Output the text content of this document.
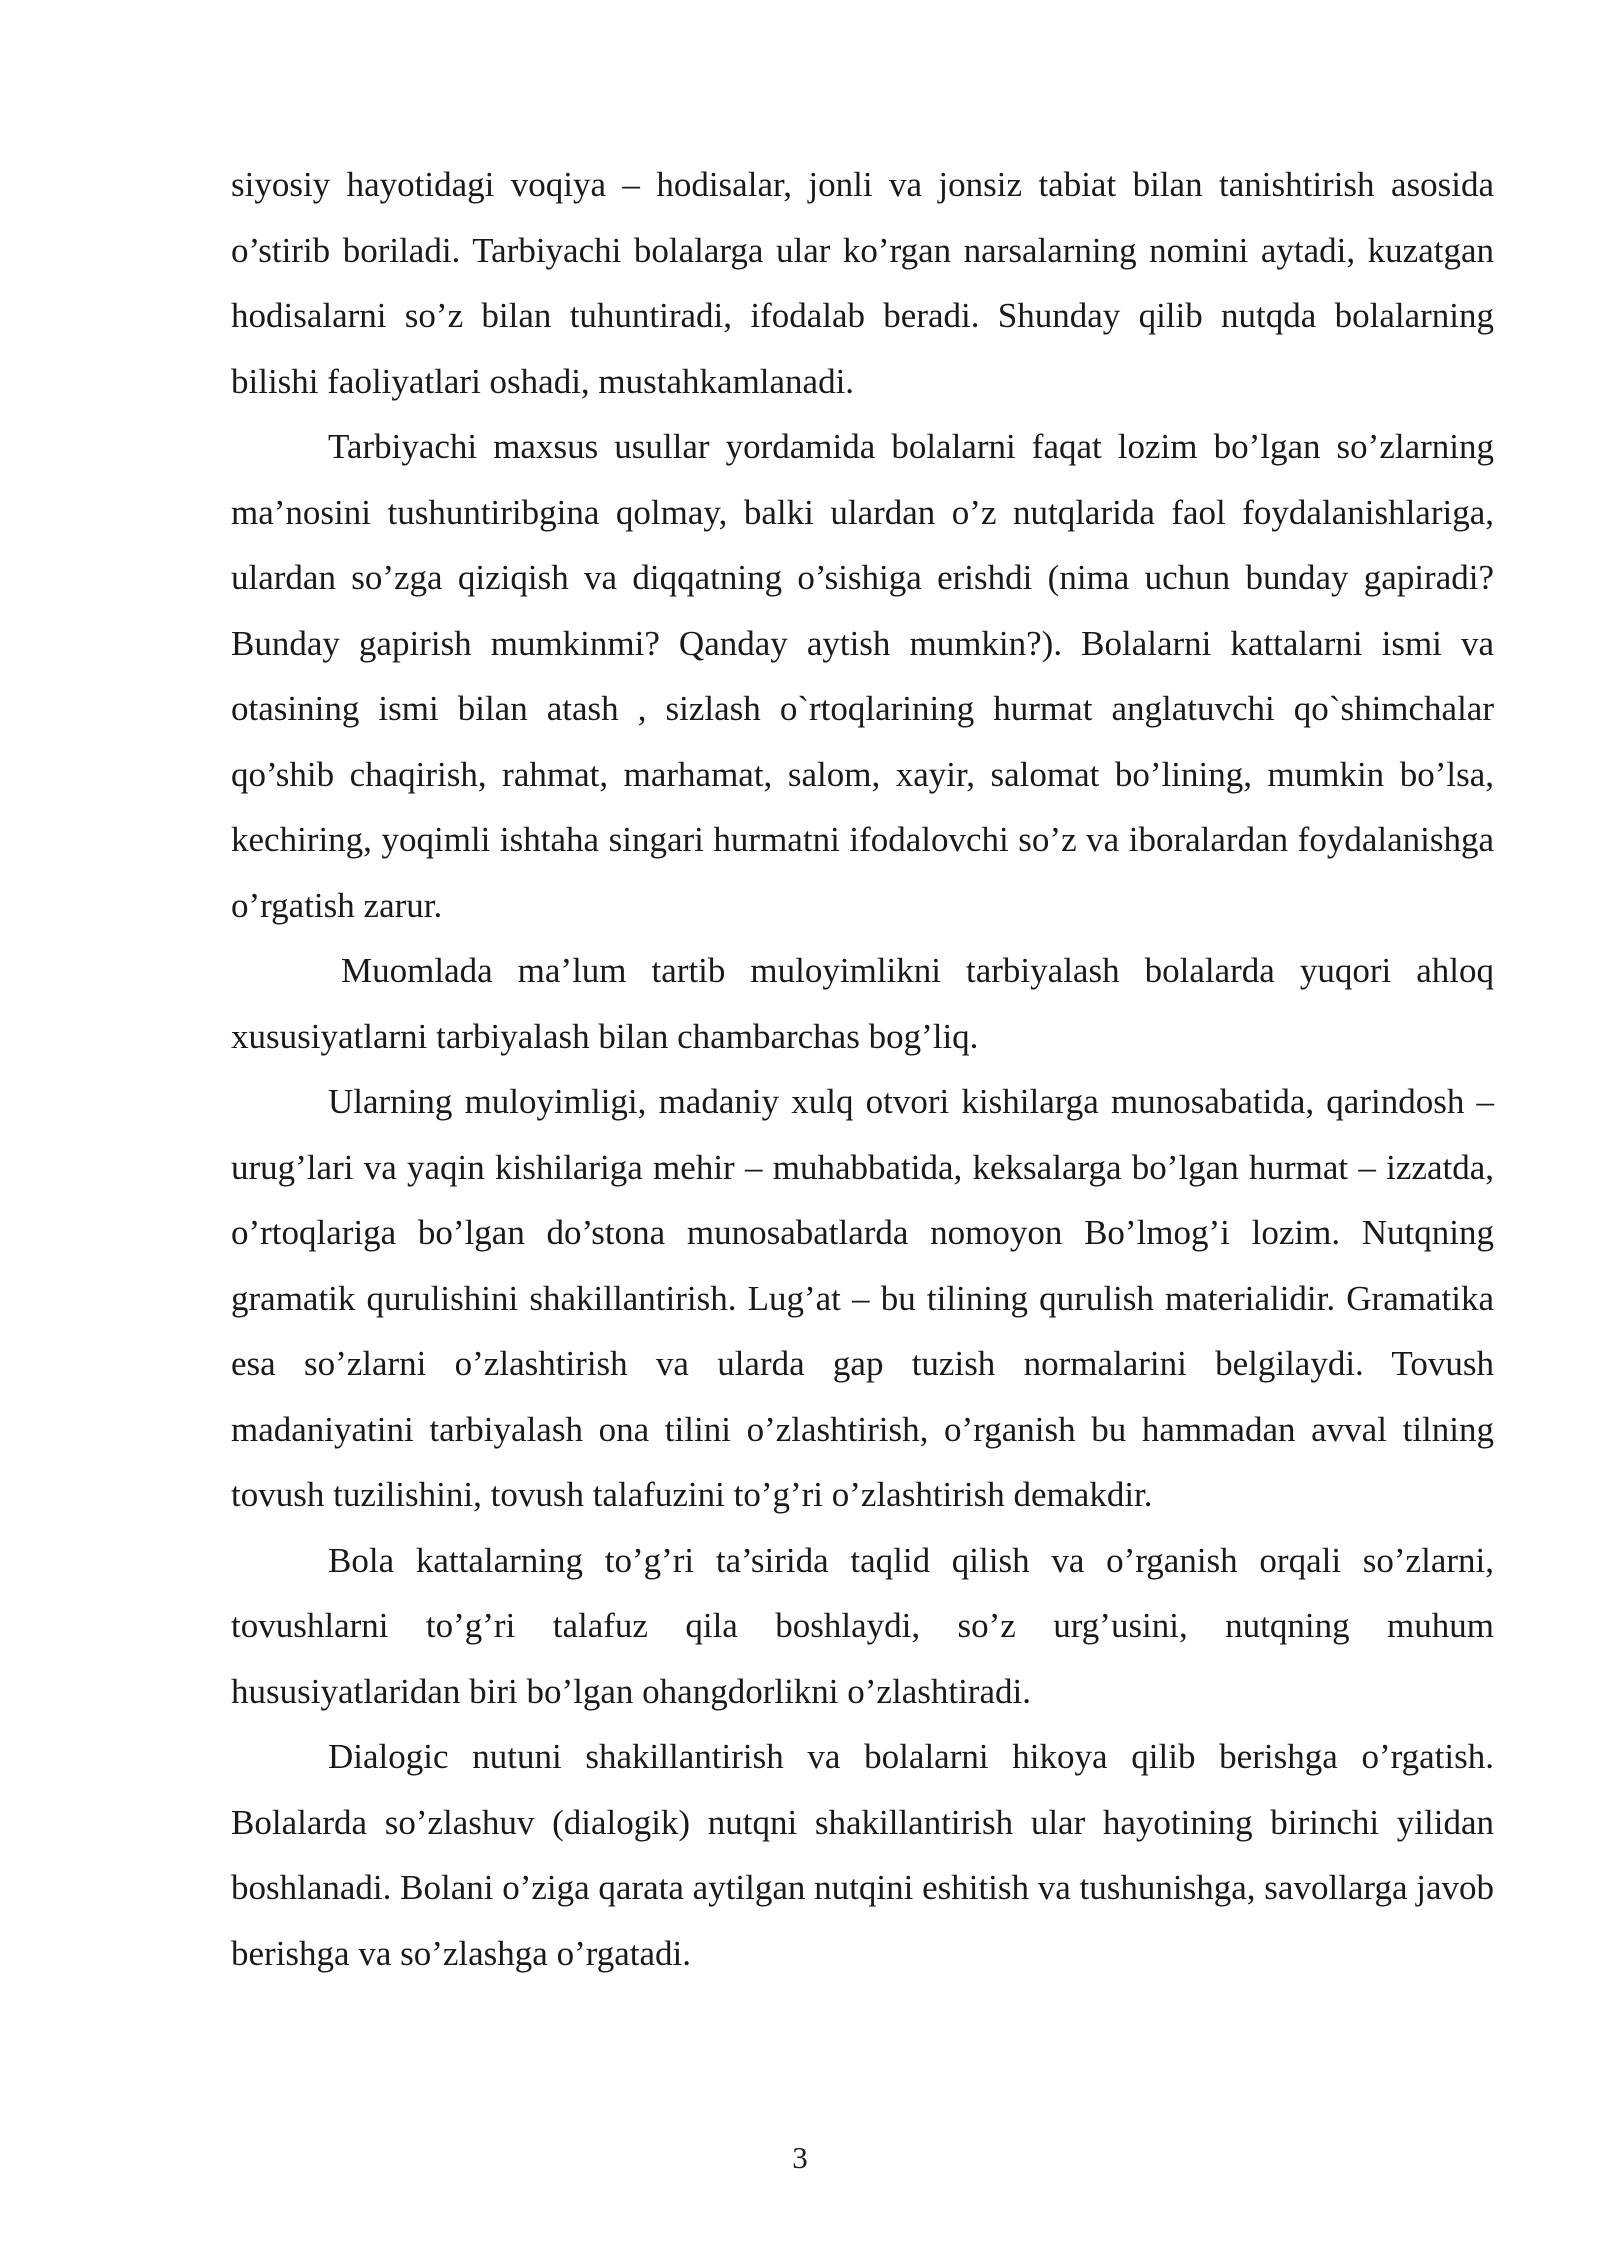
siyosiy hayotidagi voqiya – hodisalar, jonli va jonsiz tabiat bilan tanishtirish asosida o’stirib boriladi. Tarbiyachi bolalarga ular ko’rgan narsalarning nomini aytadi, kuzatgan hodisalarni so’z bilan tuhuntiradi, ifodalab beradi. Shunday qilib nutqda bolalarning bilishi faoliyatlari oshadi, mustahkamlanadi.

Tarbiyachi maxsus usullar yordamida bolalarni faqat lozim bo’lgan so’zlarning ma’nosini tushuntiribgina qolmay, balki ulardan o’z nutqlarida faol foydalanishlariga, ulardan so’zga qiziqish va diqqatning o’sishiga erishdi (nima uchun bunday gapiradi? Bunday gapirish mumkinmi? Qanday aytish mumkin?). Bolalarni kattalarni ismi va otasining ismi bilan atash , sizlash o`rtoqlarining hurmat anglatuvchi qo`shimchalar qo’shib chaqirish, rahmat, marhamat, salom, xayir, salomat bo’lining, mumkin bo’lsa, kechiring, yoqimli ishtaha singari hurmatni ifodalovchi so’z va iboralardan foydalanishga o’rgatish zarur.

Muomlada ma’lum tartib muloyimlikni tarbiyalash bolalarda yuqori ahloq xususiyatlarni tarbiyalash bilan chambarchas bog’liq.

Ularning muloyimligi, madaniy xulq otvori kishilarga munosabatida, qarindosh – urug’lari va yaqin kishilariga mehir – muhabbatida, keksalarga bo’lgan hurmat – izzatda, o’rtoqlariga bo’lgan do’stona munosabatlarda nomoyon Bo’lmog’i lozim. Nutqning gramatik qurulishini shakillantirish. Lug’at – bu tilining qurulish materialidir. Gramatika esa so’zlarni o’zlashtirish va ularda gap tuzish normalarini belgilaydi. Tovush madaniyatini tarbiyalash ona tilini o’zlashtirish, o’rganish bu hammadan avval tilning tovush tuzilishini, tovush talafuzini to’g’ri o’zlashtirish demakdir.

Bola kattalarning to’g’ri ta’sirida taqlid qilish va o’rganish orqali so’zlarni, tovushlarni to’g’ri talafuz qila boshlaydi, so’z urg’usini, nutqning muhum hususiyatlaridan biri bo’lgan ohangdorlikni o’zlashtiradi.

Dialogic nutuni shakillantirish va bolalarni hikoya qilib berishga o’rgatish. Bolalarda so’zlashuv (dialogik) nutqni shakillantirish ular hayotining birinchi yilidan boshlanadi. Bolani o’ziga qarata aytilgan nutqini eshitish va tushunishga, savollarga javob berishga va so’zlashga o’rgatadi.

3
